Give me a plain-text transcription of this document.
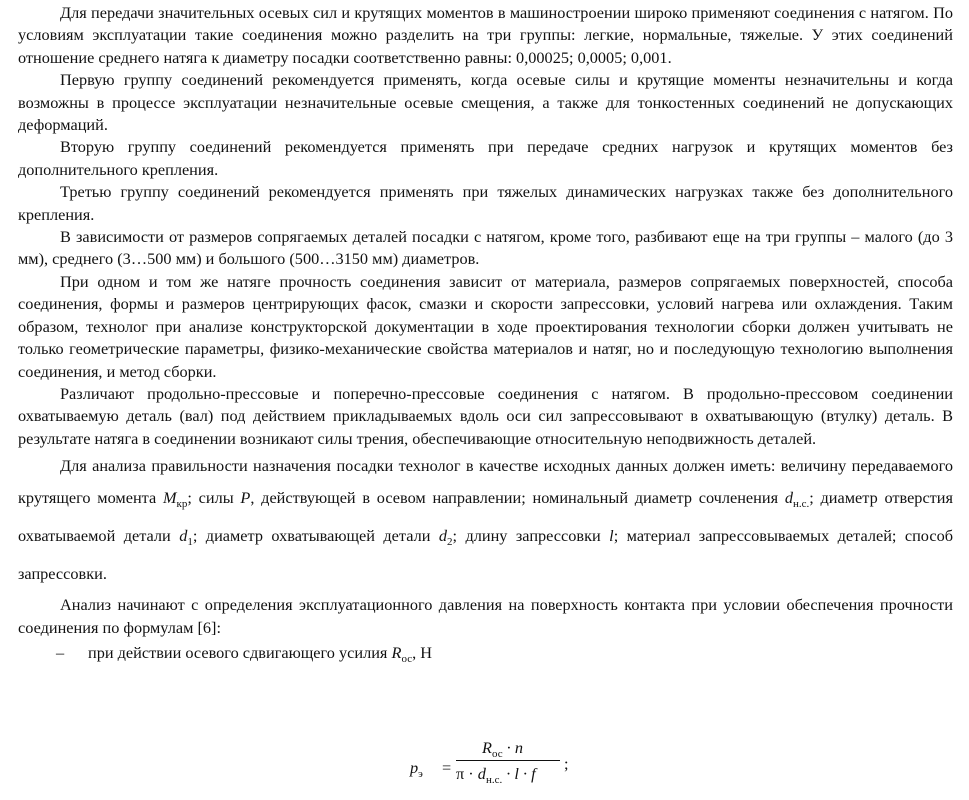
Для передачи значительных осевых сил и крутящих моментов в машиностроении широко применяют соединения с натягом. По условиям эксплуатации такие соединения можно разделить на три группы: легкие, нормальные, тяжелые. У этих соединений отношение среднего натяга к диаметру посадки соответственно равны: 0,00025; 0,0005; 0,001.

Первую группу соединений рекомендуется применять, когда осевые силы и крутящие моменты незначительны и когда возможны в процессе эксплуатации незначительные осевые смещения, а также для тонкостенных соединений не допускающих деформаций.

Вторую группу соединений рекомендуется применять при передаче средних нагрузок и крутящих моментов без дополнительного крепления.

Третью группу соединений рекомендуется применять при тяжелых динамических нагрузках также без дополнительного крепления.

В зависимости от размеров сопрягаемых деталей посадки с натягом, кроме того, разбивают еще на три группы – малого (до 3 мм), среднего (3…500 мм) и большого (500…3150 мм) диаметров.

При одном и том же натяге прочность соединения зависит от материала, размеров сопрягаемых поверхностей, способа соединения, формы и размеров центрирующих фасок, смазки и скорости запрессовки, условий нагрева или охлаждения. Таким образом, технолог при анализе конструкторской документации в ходе проектирования технологии сборки должен учитывать не только геометрические параметры, физико-механические свойства материалов и натяг, но и последующую технологию выполнения соединения, и метод сборки.

Различают продольно-прессовые и поперечно-прессовые соединения с натягом. В продольно-прессовом соединении охватываемую деталь (вал) под действием прикладываемых вдоль оси сил запрессовывают в охватывающую (втулку) деталь. В результате натяга в соединении возникают силы трения, обеспечивающие относительную неподвижность деталей.

Для анализа правильности назначения посадки технолог в качестве исходных данных должен иметь: величину передаваемого крутящего момента $M_{кр}$; силы P, действующей в осевом направлении; номинальный диаметр сочленения $d_{н.с.}$; диаметр отверстия охватываемой детали $d_1$; диаметр охватывающей детали $d_2$; длину запрессовки l; материал запрессовываемых деталей; способ запрессовки.

Анализ начинают с определения эксплуатационного давления на поверхность контакта при условии обеспечения прочности соединения по формулам [6]:

– при действии осевого сдвигающего усилия $R_{ос}$, Н
$p_э$ =
$R_{ос} \cdot n$
$\pi \cdot d_{н.с.} \cdot l \cdot f$
;
